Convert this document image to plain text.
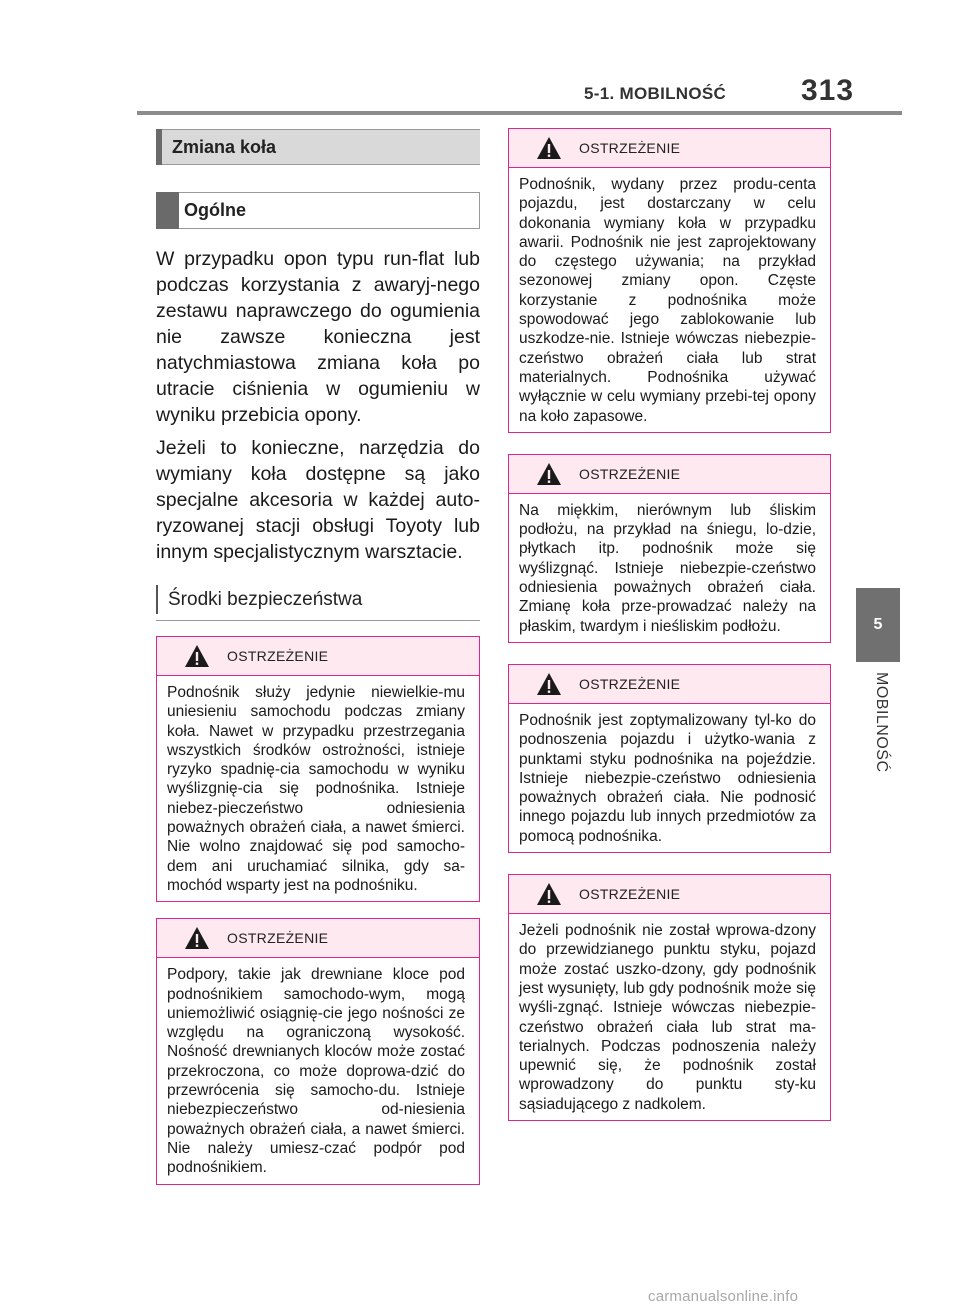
5-1. MOBILNOŚĆ 313
5
MOBILNOŚĆ
Zmiana koła
Ogólne

W przypadku opon typu run-flat lub podczas korzystania z awaryj-nego zestawu naprawczego do ogumienia nie zawsze konieczna jest natychmiastowa zmiana koła po utracie ciśnienia w ogumieniu w wyniku przebicia opony.

Jeżeli to konieczne, narzędzia do wymiany koła dostępne są jako specjalne akcesoria w każdej auto-ryzowanej stacji obsługi Toyoty lub innym specjalistycznym warsztacie.

Środki bezpieczeństwa
OSTRZEŻENIE
Podnośnik służy jedynie niewielkie-mu uniesieniu samochodu podczas zmiany koła. Nawet w przypadku przestrzegania wszystkich środków ostrożności, istnieje ryzyko spadnię-cia samochodu w wyniku wyślizgnię-cia się podnośnika. Istnieje niebez-pieczeństwo odniesienia poważnych obrażeń ciała, a nawet śmierci. Nie wolno znajdować się pod samocho-dem ani uruchamiać silnika, gdy sa-mochód wsparty jest na podnośniku.
OSTRZEŻENIE
Podpory, takie jak drewniane kloce pod podnośnikiem samochodo-wym, mogą uniemożliwić osiągnię-cie jego nośności ze względu na ograniczoną wysokość. Nośność drewnianych kloców może zostać przekroczona, co może doprowa-dzić do przewrócenia się samocho-du. Istnieje niebezpieczeństwo od-niesienia poważnych obrażeń ciała, a nawet śmierci. Nie należy umiesz-czać podpór pod podnośnikiem.
OSTRZEŻENIE
Podnośnik, wydany przez produ-centa pojazdu, jest dostarczany w celu dokonania wymiany koła w przypadku awarii. Podnośnik nie jest zaprojektowany do częstego używania; na przykład sezonowej zmiany opon. Częste korzystanie z podnośnika może spowodować jego zablokowanie lub uszkodze-nie. Istnieje wówczas niebezpie-czeństwo obrażeń ciała lub strat materialnych. Podnośnika używać wyłącznie w celu wymiany przebi-tej opony na koło zapasowe.
OSTRZEŻENIE
Na miękkim, nierównym lub śliskim podłożu, na przykład na śniegu, lo-dzie, płytkach itp. podnośnik może się wyślizgnąć. Istnieje niebezpie-czeństwo odniesienia poważnych obrażeń ciała. Zmianę koła prze-prowadzać należy na płaskim, twardym i nieśliskim podłożu.
OSTRZEŻENIE
Podnośnik jest zoptymalizowany tyl-ko do podnoszenia pojazdu i użytko-wania z punktami styku podnośnika na pojeździe. Istnieje niebezpie-czeństwo odniesienia poważnych obrażeń ciała. Nie podnosić innego pojazdu lub innych przedmiotów za pomocą podnośnika.
OSTRZEŻENIE
Jeżeli podnośnik nie został wprowa-dzony do przewidzianego punktu styku, pojazd może zostać uszko-dzony, gdy podnośnik jest wysunięty, lub gdy podnośnik może się wyśli-zgnąć. Istnieje wówczas niebezpie-czeństwo obrażeń ciała lub strat ma-terialnych. Podczas podnoszenia należy upewnić się, że podnośnik został wprowadzony do punktu sty-ku sąsiadującego z nadkolem.
carmanualsonline.info
